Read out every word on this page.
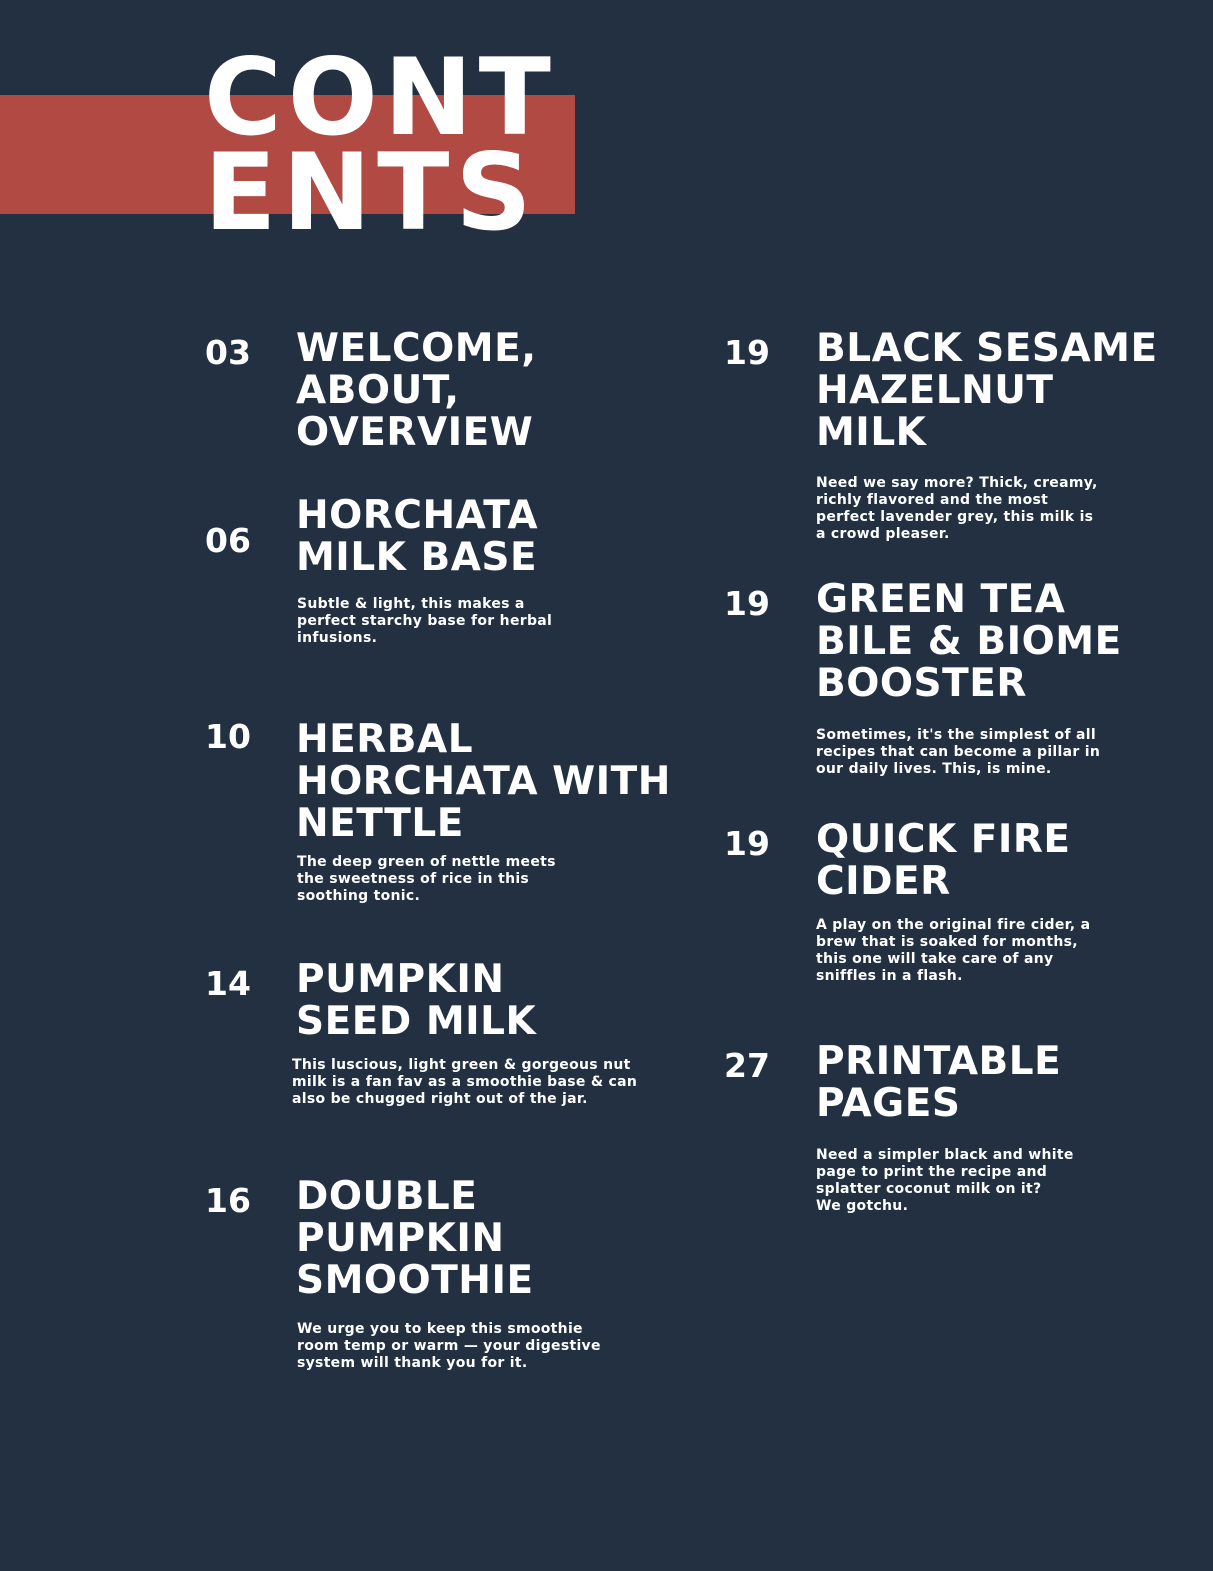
CONT
ENTS
03 WELCOME,
ABOUT,
OVERVIEW
06
HORCHATA
MILK BASE
Subtle & light, this makes a
perfect starchy base for herbal
infusions.
10 HERBAL
HORCHATA WITH
NETTLE
The deep green of nettle meets
the sweetness of rice in this
soothing tonic.
14 PUMPKIN
SEED MILK
This luscious, light green & gorgeous nut
milk is a fan fav as a smoothie base & can
also be chugged right out of the jar.
16 DOUBLE
PUMPKIN
SMOOTHIE
We urge you to keep this smoothie
room temp or warm — your digestive
system will thank you for it.
19 BLACK SESAME
HAZELNUT
MILK
Need we say more? Thick, creamy,
richly flavored and the most
perfect lavender grey, this milk is
a crowd pleaser.
19 GREEN TEA
BILE & BIOME
BOOSTER
Sometimes, it's the simplest of all
recipes that can become a pillar in
our daily lives. This, is mine.
19 QUICK FIRE
CIDER
A play on the original fire cider, a
brew that is soaked for months,
this one will take care of any
sniffles in a flash.
27 PRINTABLE
PAGES
Need a simpler black and white
page to print the recipe and
splatter coconut milk on it?
We gotchu.
